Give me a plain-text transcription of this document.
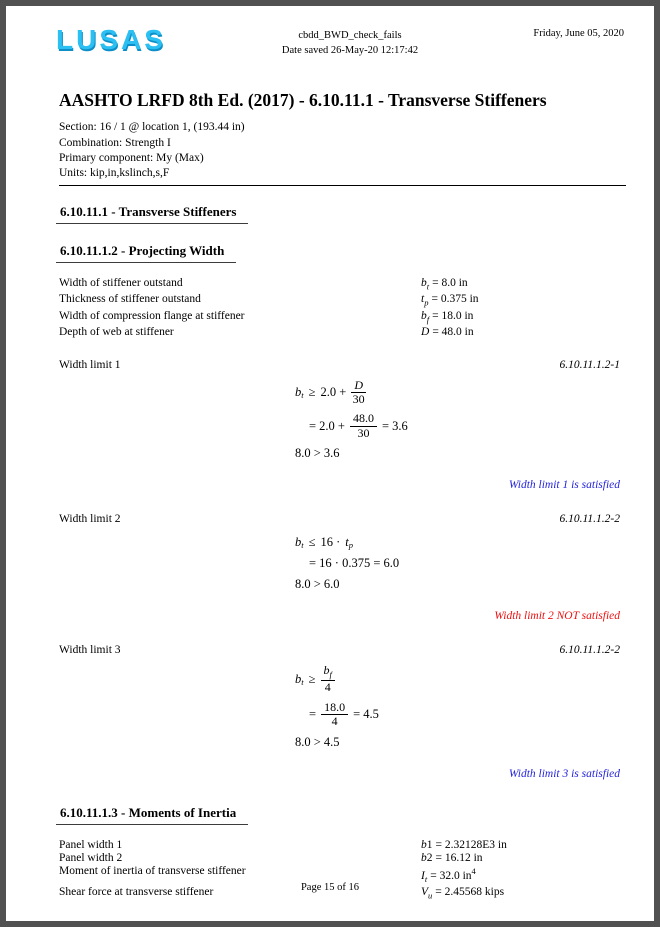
LUSAS	cbdd_BWD_check_fails
Date saved 26-May-20 12:17:42
Friday, June 05, 2020
AASHTO LRFD 8th Ed. (2017) - 6.10.11.1 - Transverse Stiffeners
Section: 16 / 1 @ location 1, (193.44 in)
Combination: Strength I
Primary component: My (Max)
Units: kip,in,kslinch,s,F
6.10.11.1 - Transverse Stiffeners
6.10.11.1.2 - Projecting Width
Width of stiffener outstand	$b_t = 8.0$ in
Thickness of stiffener outstand	$t_p = 0.375$ in
Width of compression flange at stiffener	$b_f = 18.0$ in
Depth of web at stiffener	D = 48.0 in
Width limit 1	6.10.11.1.2-1
$b_t \ge 2.0 + \frac{D}{30}$
= $2.0 + \frac{48.0}{30} = 3.6$
8.0 > 3.6
Width limit 1 is satisfied
Width limit 2	6.10.11.1.2-2
$b_t \le 16 \cdot t_p$
= 16 · 0.375 = 6.0
8.0 > 6.0
Width limit 2 NOT satisfied
Width limit 3	6.10.11.1.2-2
$b_t \ge \frac{b_f}{4}$
= $\frac{18.0}{4} = 4.5$
8.0 > 4.5
Width limit 3 is satisfied
6.10.11.1.3 - Moments of Inertia
Panel width 1	b1 = 2.32128E3 in
Panel width 2	b2 = 16.12 in
Moment of inertia of transverse stiffener	$I_t = 32.0$ $in^4$
Shear force at transverse stiffener	$V_u = 2.45568$ kips
Page 15 of 16
